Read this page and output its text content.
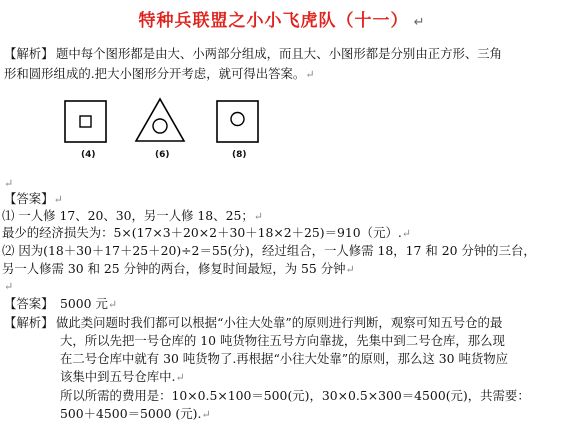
特种兵联盟之小小飞虎队（十一） ↵
【解析】 题中每个图形都是由大、小两部分组成，而且大、小图形都是分别由正方形、三角
形和圆形组成的.把大小图形分开考虑，就可得出答案。↵
(4)	(6)	(8)
↵
【答案】↵
⑴ 一人修 17、20、30，另一人修 18、25；↵
最少的经济损失为：5×(17×3＋20×2＋30＋18×2＋25)＝910（元）.↵
⑵ 因为(18＋30＋17＋25＋20)÷2＝55(分)，经过组合，一人修需 18，17 和 20 分钟的三台，
另一人修需 30 和 25 分钟的两台，修复时间最短，为 55 分钟↵
↵
【答案】 5000 元↵
【解析】 做此类问题时我们都可以根据“小往大处靠”的原则进行判断，观察可知五号仓的最
大，所以先把一号仓库的 10 吨货物往五号方向靠拢，先集中到二号仓库，那么现
在二号仓库中就有 30 吨货物了.再根据“小往大处靠”的原则，那么这 30 吨货物应
该集中到五号仓库中.↵
所以所需的费用是：10×0.5×100＝500(元)，30×0.5×300＝4500(元)，共需要：
500＋4500＝5000 (元).↵
